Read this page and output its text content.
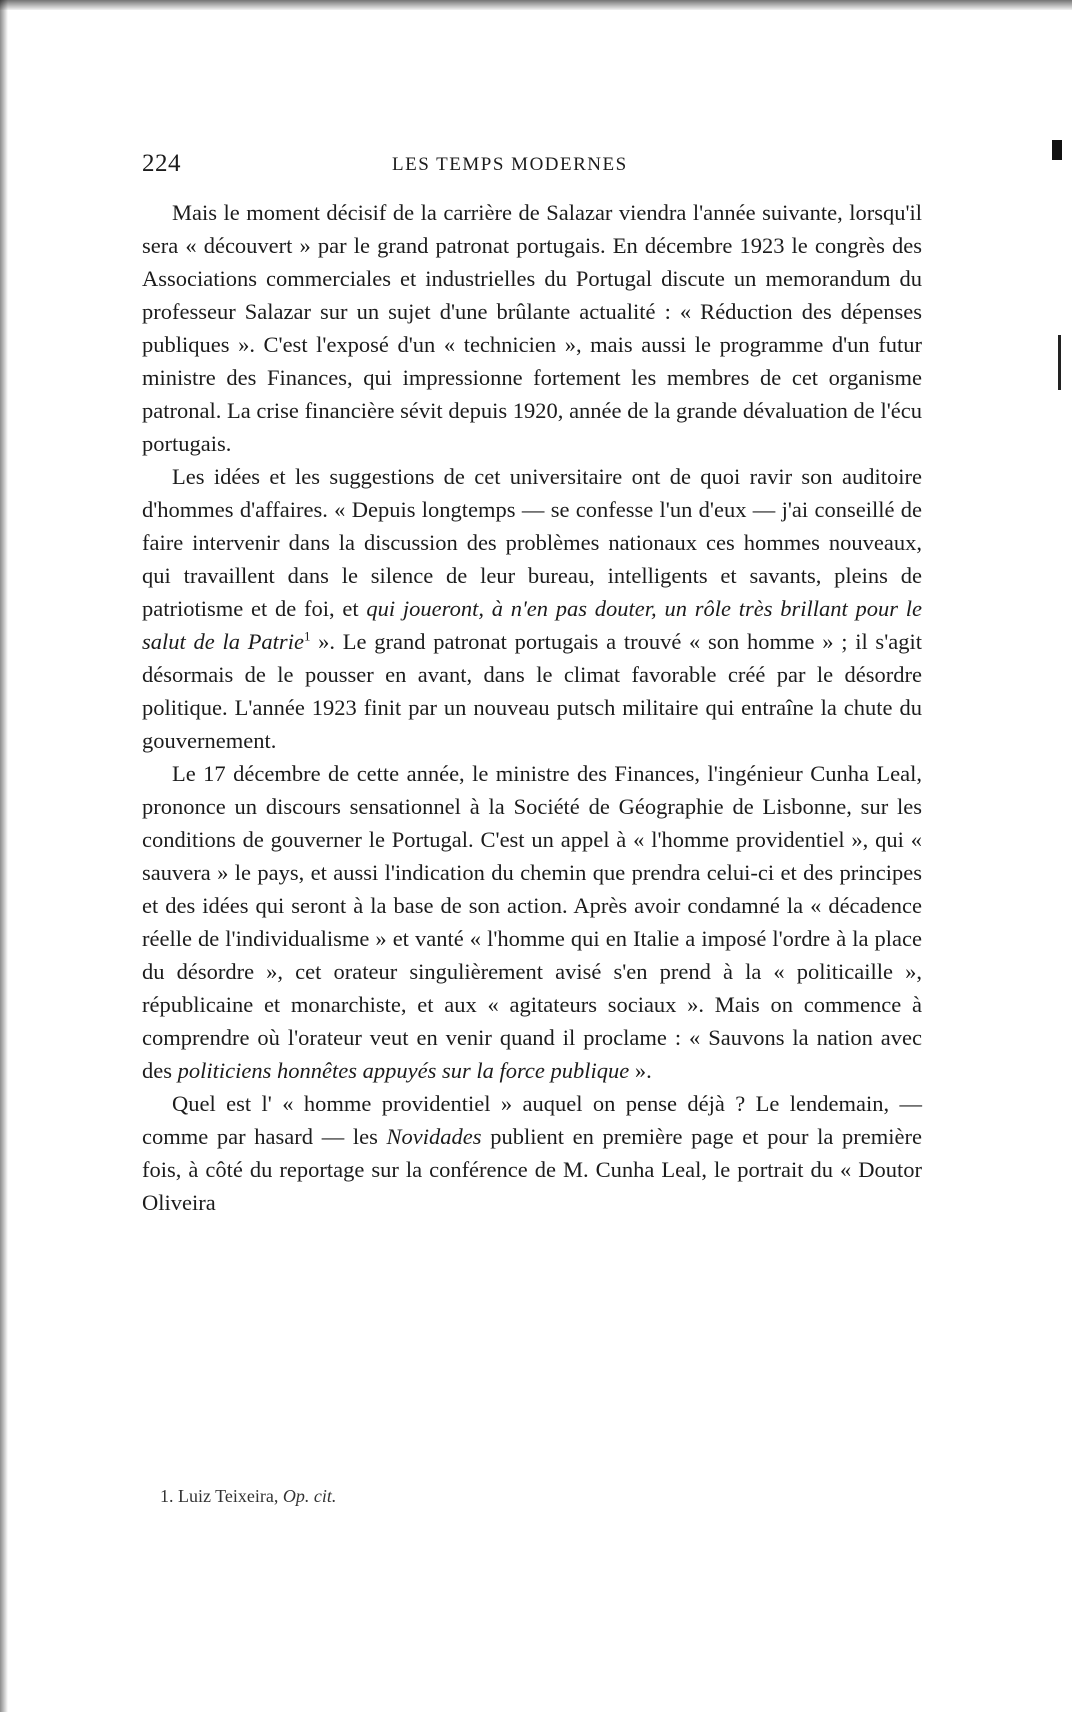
224	LES TEMPS MODERNES

Mais le moment décisif de la carrière de Salazar viendra l'année suivante, lorsqu'il sera « découvert » par le grand patronat portugais. En décembre 1923 le congrès des Associations commerciales et industrielles du Portugal discute un memorandum du professeur Salazar sur un sujet d'une brûlante actualité : « Réduction des dépenses publiques ». C'est l'exposé d'un « technicien », mais aussi le programme d'un futur ministre des Finances, qui impressionne fortement les membres de cet organisme patronal. La crise financière sévit depuis 1920, année de la grande dévaluation de l'écu portugais.

Les idées et les suggestions de cet universitaire ont de quoi ravir son auditoire d'hommes d'affaires. « Depuis longtemps — se confesse l'un d'eux — j'ai conseillé de faire intervenir dans la discussion des problèmes nationaux ces hommes nouveaux, qui travaillent dans le silence de leur bureau, intelligents et savants, pleins de patriotisme et de foi, et qui joueront, à n'en pas douter, un rôle très brillant pour le salut de la Patrie$^1$ ». Le grand patronat portugais a trouvé « son homme » ; il s'agit désormais de le pousser en avant, dans le climat favorable créé par le désordre politique. L'année 1923 finit par un nouveau putsch militaire qui entraîne la chute du gouvernement.

Le 17 décembre de cette année, le ministre des Finances, l'ingénieur Cunha Leal, prononce un discours sensationnel à la Société de Géographie de Lisbonne, sur les conditions de gouverner le Portugal. C'est un appel à « l'homme providentiel », qui « sauvera » le pays, et aussi l'indication du chemin que prendra celui-ci et des principes et des idées qui seront à la base de son action. Après avoir condamné la « décadence réelle de l'individualisme » et vanté « l'homme qui en Italie a imposé l'ordre à la place du désordre », cet orateur singulièrement avisé s'en prend à la « politicaille », républicaine et monarchiste, et aux « agitateurs sociaux ». Mais on commence à comprendre où l'orateur veut en venir quand il proclame : « Sauvons la nation avec des politiciens honnêtes appuyés sur la force publique ».

Quel est l' « homme providentiel » auquel on pense déjà ? Le lendemain, — comme par hasard — les Novidades publient en première page et pour la première fois, à côté du reportage sur la conférence de M. Cunha Leal, le portrait du « Doutor Oliveira

1. Luiz Teixeira, Op. cit.
